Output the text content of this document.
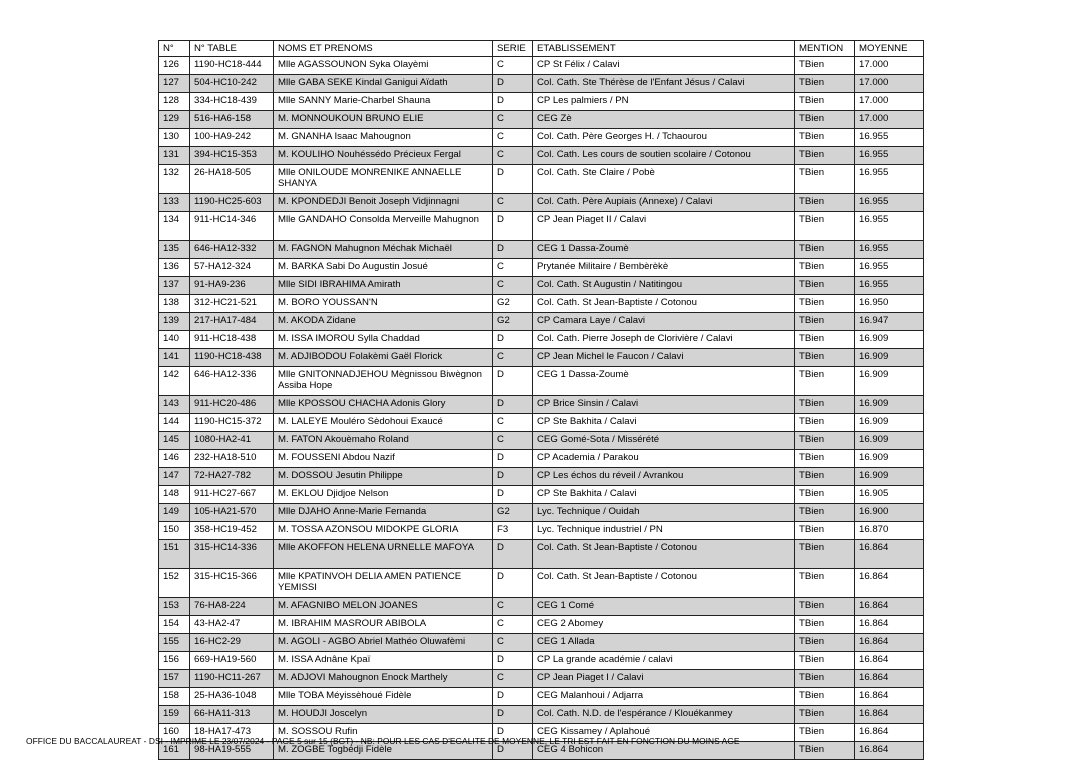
N°	N° TABLE	NOMS ET PRENOMS	SERIE	ETABLISSEMENT	MENTION	MOYENNE
126	1190-HC18-444	Mlle AGASSOUNON Syka Olayèmi	C	CP St Félix / Calavi	TBien	17.000
127	504-HC10-242	Mlle GABA SEKE Kindal Ganigui Aïdath	D	Col. Cath. Ste Thérèse de l'Enfant Jésus / Calavi	TBien	17.000
128	334-HC18-439	Mlle SANNY Marie-Charbel Shauna	D	CP Les palmiers / PN	TBien	17.000
129	516-HA6-158	M. MONNOUKOUN BRUNO ELIE	C	CEG Zè	TBien	17.000
130	100-HA9-242	M. GNANHA Isaac Mahougnon	C	Col. Cath. Père Georges H. / Tchaourou	TBien	16.955
131	394-HC15-353	M. KOULIHO Nouhéssédo Précieux Fergal	C	Col. Cath. Les cours de soutien scolaire / Cotonou	TBien	16.955
132	26-HA18-505	Mlle ONILOUDE MONRENIKE ANNAELLE SHANYA	D	Col. Cath. Ste Claire / Pobè	TBien	16.955
133	1190-HC25-603	M. KPONDEDJI Benoit Joseph Vidjinnagni	C	Col. Cath. Père Aupiais (Annexe) / Calavi	TBien	16.955
134	911-HC14-346	Mlle GANDAHO Consolda Merveille Mahugnon	D	CP Jean Piaget II / Calavi	TBien	16.955
135	646-HA12-332	M. FAGNON Mahugnon Méchak Michaël	D	CEG 1 Dassa-Zoumè	TBien	16.955
136	57-HA12-324	M. BARKA Sabi Do Augustin Josué	C	Prytanée Militaire / Bembèrèkè	TBien	16.955
137	91-HA9-236	Mlle SIDI IBRAHIMA Amirath	C	Col. Cath. St Augustin / Natitingou	TBien	16.955
138	312-HC21-521	M. BORO YOUSSAN'N	G2	Col. Cath. St Jean-Baptiste / Cotonou	TBien	16.950
139	217-HA17-484	M. AKODA Zidane	G2	CP Camara Laye / Calavi	TBien	16.947
140	911-HC18-438	M. ISSA IMOROU Sylla Chaddad	D	Col. Cath. Pierre Joseph de Clorivière / Calavi	TBien	16.909
141	1190-HC18-438	M. ADJIBODOU Folakèmi Gaël Florick	C	CP Jean Michel le Faucon / Calavi	TBien	16.909
142	646-HA12-336	Mlle GNITONNADJEHOU Mègnissou Biwègnon Assiba Hope	D	CEG 1 Dassa-Zoumè	TBien	16.909
143	911-HC20-486	Mlle KPOSSOU CHACHA Adonis Glory	D	CP Brice Sinsin / Calavi	TBien	16.909
144	1190-HC15-372	M. LALEYE Mouléro Sèdohoui Exaucé	C	CP Ste Bakhita / Calavi	TBien	16.909
145	1080-HA2-41	M. FATON Akouèmaho Roland	C	CEG Gomé-Sota / Missérété	TBien	16.909
146	232-HA18-510	M. FOUSSENI Abdou Nazif	D	CP Academia / Parakou	TBien	16.909
147	72-HA27-782	M. DOSSOU Jesutin Philippe	D	CP Les échos du réveil / Avrankou	TBien	16.909
148	911-HC27-667	M. EKLOU Djidjoe Nelson	D	CP Ste Bakhita / Calavi	TBien	16.905
149	105-HA21-570	Mlle DJAHO Anne-Marie Fernanda	G2	Lyc. Technique / Ouidah	TBien	16.900
150	358-HC19-452	M. TOSSA AZONSOU MIDOKPE GLORIA	F3	Lyc. Technique industriel / PN	TBien	16.870
151	315-HC14-336	Mlle AKOFFON HELENA URNELLE MAFOYA	D	Col. Cath. St Jean-Baptiste / Cotonou	TBien	16.864
152	315-HC15-366	Mlle KPATINVOH DELIA AMEN PATIENCE YEMISSI	D	Col. Cath. St Jean-Baptiste / Cotonou	TBien	16.864
153	76-HA8-224	M. AFAGNIBO MELON JOANES	C	CEG 1 Comé	TBien	16.864
154	43-HA2-47	M. IBRAHIM MASROUR ABIBOLA	C	CEG 2 Abomey	TBien	16.864
155	16-HC2-29	M. AGOLI - AGBO Abriel Mathéo Oluwafèmi	C	CEG 1 Allada	TBien	16.864
156	669-HA19-560	M. ISSA Adnâne Kpaï	D	CP La grande académie / calavi	TBien	16.864
157	1190-HC11-267	M. ADJOVI Mahougnon Enock Marthely	C	CP Jean Piaget I / Calavi	TBien	16.864
158	25-HA36-1048	Mlle TOBA Méyissèhoué Fidèle	D	CEG Malanhoui / Adjarra	TBien	16.864
159	66-HA11-313	M. HOUDJI Joscelyn	D	Col. Cath. N.D. de l'espérance / Klouékanmey	TBien	16.864
160	18-HA17-473	M. SOSSOU Rufin	D	CEG Kissamey / Aplahoué	TBien	16.864
161	98-HA19-555	M. ZOGBE Togbédji Fidèle	D	CEG 4 Bohicon	TBien	16.864
OFFICE DU BACCALAUREAT - DSI - IMPRIME LE 23/07/2024 - PAGE 5 sur 15 (BGT) - NB: POUR LES CAS D'EGALITE DE MOYENNE, LE TRI EST FAIT EN FONCTION DU MOINS AGE
